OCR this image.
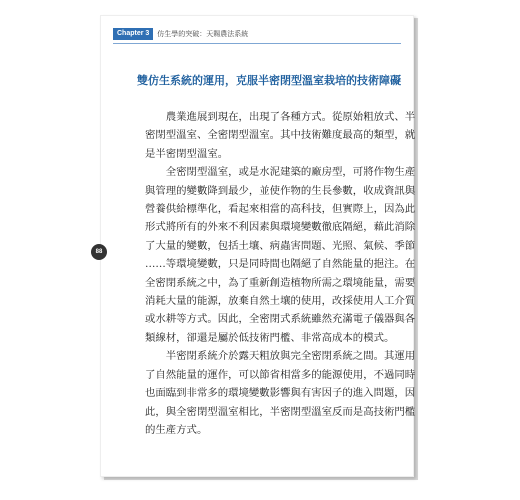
Chapter 3	仿生學的突破：天賜農法系統
88
雙仿生系統的運用，克服半密閉型溫室栽培的技術障礙

　　農業進展到現在，出現了各種方式。從原始粗放式、半
密閉型溫室、全密閉型溫室。其中技術難度最高的類型，就
是半密閉型溫室。

　　全密閉型溫室，或是水泥建築的廠房型，可將作物生產
與管理的變數降到最少，並使作物的生長參數，收成資訊與
營養供給標準化，看起來相當的高科技，但實際上，因為此
形式將所有的外來不利因素與環境變數徹底隔絕，藉此消除
了大量的變數，包括土壤、病蟲害問題、光照、氣候、季節
……等環境變數，只是同時間也隔絕了自然能量的挹注。在
全密閉系統之中，為了重新創造植物所需之環境能量，需要
消耗大量的能源，放棄自然土壤的使用，改採使用人工介質
或水耕等方式。因此，全密閉式系統雖然充滿電子儀器與各
類線材，卻還是屬於低技術門檻、非常高成本的模式。

　　半密閉系統介於露天粗放與完全密閉系統之間。其運用
了自然能量的運作，可以節省相當多的能源使用，不過同時
也面臨到非常多的環境變數影響與有害因子的進入問題，因
此，與全密閉型溫室相比，半密閉型溫室反而是高技術門檻
的生產方式。
